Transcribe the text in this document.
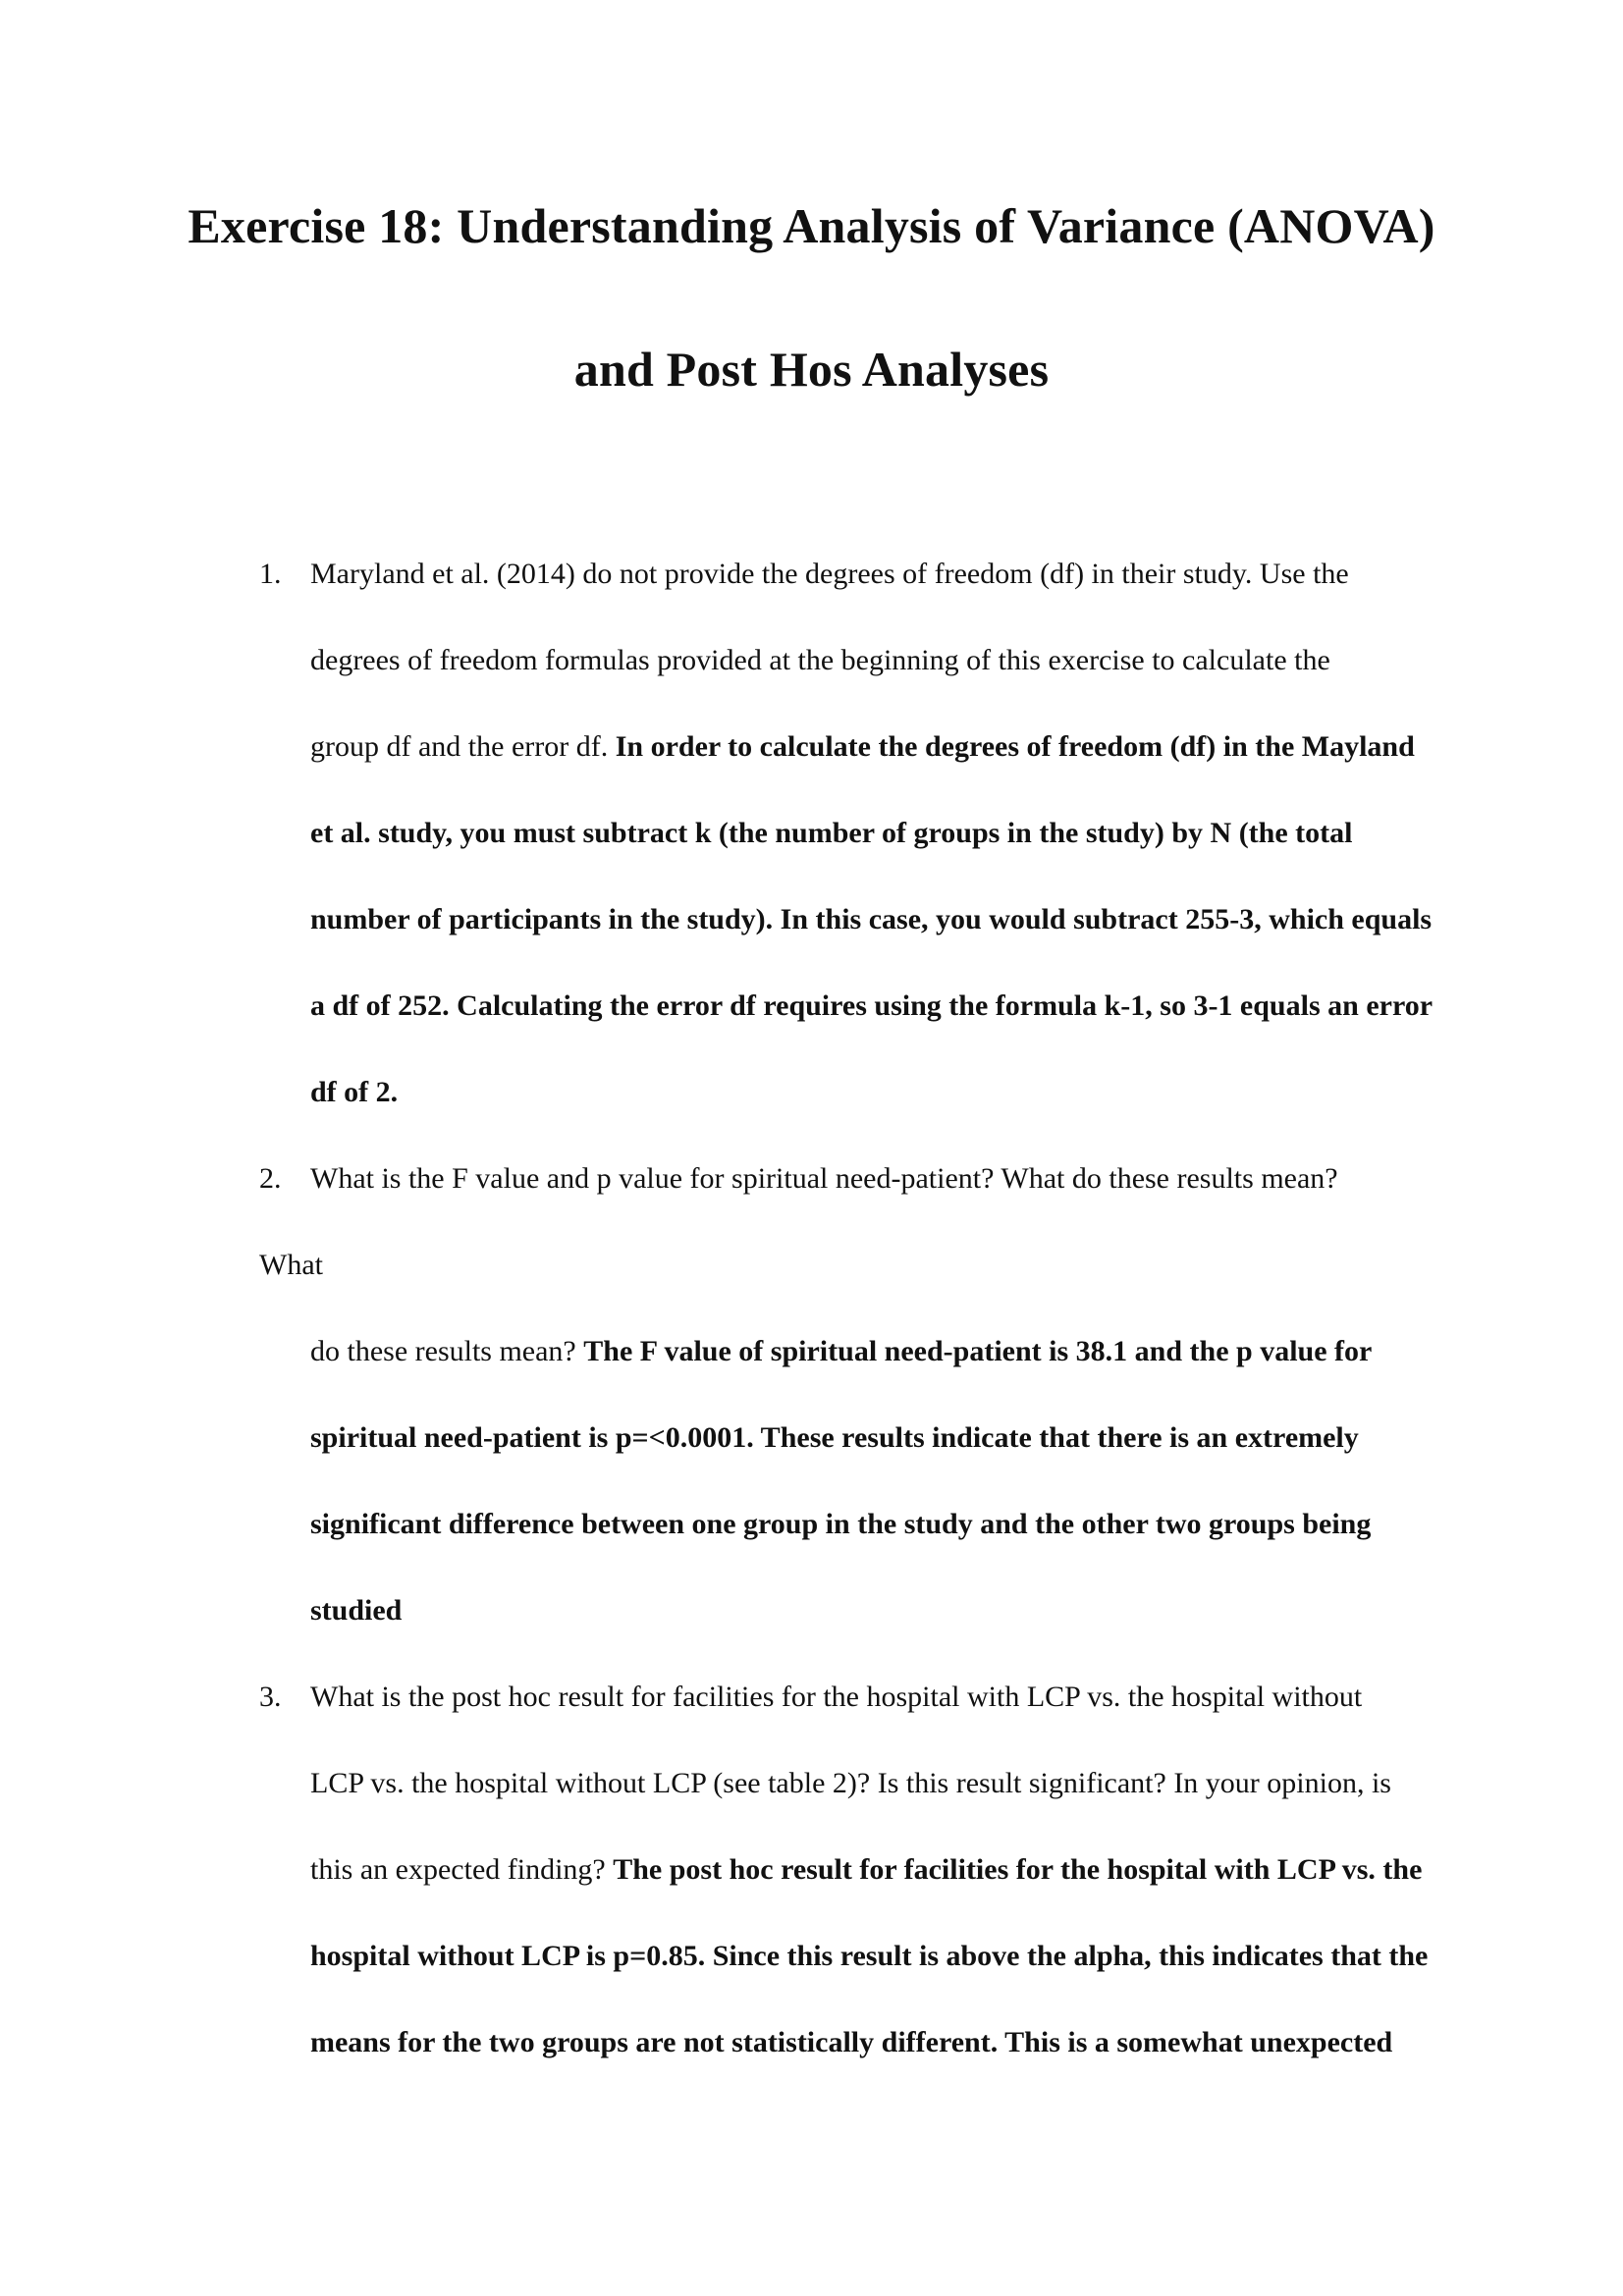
Exercise 18: Understanding Analysis of Variance (ANOVA)
and Post Hos Analyses
1. Maryland et al. (2014) do not provide the degrees of freedom (df) in their study. Use the

degrees of freedom formulas provided at the beginning of this exercise to calculate the

group df and the error df. In order to calculate the degrees of freedom (df) in the Mayland

et al. study, you must subtract k (the number of groups in the study) by N (the total

number of participants in the study). In this case, you would subtract 255-3, which equals

a df of 252. Calculating the error df requires using the formula k-1, so 3-1 equals an error

df of 2.

2. What is the F value and p value for spiritual need-patient? What do these results mean?

What

do these results mean? The F value of spiritual need-patient is 38.1 and the p value for

spiritual need-patient is p=<0.0001. These results indicate that there is an extremely

significant difference between one group in the study and the other two groups being

studied

3. What is the post hoc result for facilities for the hospital with LCP vs. the hospital without

LCP vs. the hospital without LCP (see table 2)? Is this result significant? In your opinion, is

this an expected finding? The post hoc result for facilities for the hospital with LCP vs. the

hospital without LCP is p=0.85. Since this result is above the alpha, this indicates that the

means for the two groups are not statistically different. This is a somewhat unexpected
